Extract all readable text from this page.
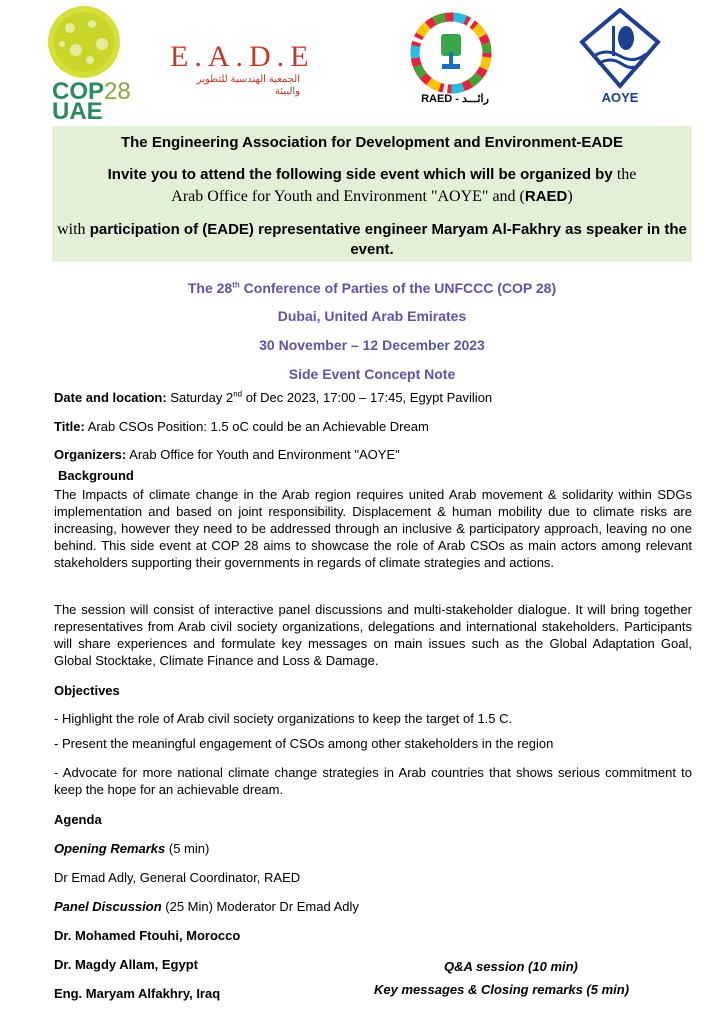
COP28
UAE
E.A.D.E
الجمعية الهندسية للتطوير والبيئة
RAED - رائـــد	AOYE

The Engineering Association for Development and Environment-EADE

Invite you to attend the following side event which will be organized by the

Arab Office for Youth and Environment "AOYE" and (RAED)

with participation of (EADE) representative engineer Maryam Al-Fakhry as speaker in the event.

The 28th Conference of Parties of the UNFCCC (COP 28)
Dubai, United Arab Emirates
30 November – 12 December 2023
Side Event Concept Note
Date and location: Saturday 2nd of Dec 2023, 17:00 – 17:45, Egypt Pavilion
Title: Arab CSOs Position: 1.5 oC could be an Achievable Dream
Organizers: Arab Office for Youth and Environment "AOYE"
Background
The Impacts of climate change in the Arab region requires united Arab movement & solidarity within SDGs implementation and based on joint responsibility. Displacement & human mobility due to climate risks are increasing, however they need to be addressed through an inclusive & participatory approach, leaving no one behind. This side event at COP 28 aims to showcase the role of Arab CSOs as main actors among relevant stakeholders supporting their governments in regards of climate strategies and actions.
The session will consist of interactive panel discussions and multi-stakeholder dialogue. It will bring together representatives from Arab civil society organizations, delegations and international stakeholders. Participants will share experiences and formulate key messages on main issues such as the Global Adaptation Goal, Global Stocktake, Climate Finance and Loss & Damage.
Objectives
- Highlight the role of Arab civil society organizations to keep the target of 1.5 C.
- Present the meaningful engagement of CSOs among other stakeholders in the region
- Advocate for more national climate change strategies in Arab countries that shows serious commitment to keep the hope for an achievable dream.
Agenda
Opening Remarks (5 min)
Dr Emad Adly, General Coordinator, RAED
Panel Discussion (25 Min) Moderator Dr Emad Adly
Dr. Mohamed Ftouhi, Morocco
Dr. Magdy Allam, Egypt
Eng. Maryam Alfakhry, Iraq
Q&A session (10 min)
Key messages & Closing remarks (5 min)
